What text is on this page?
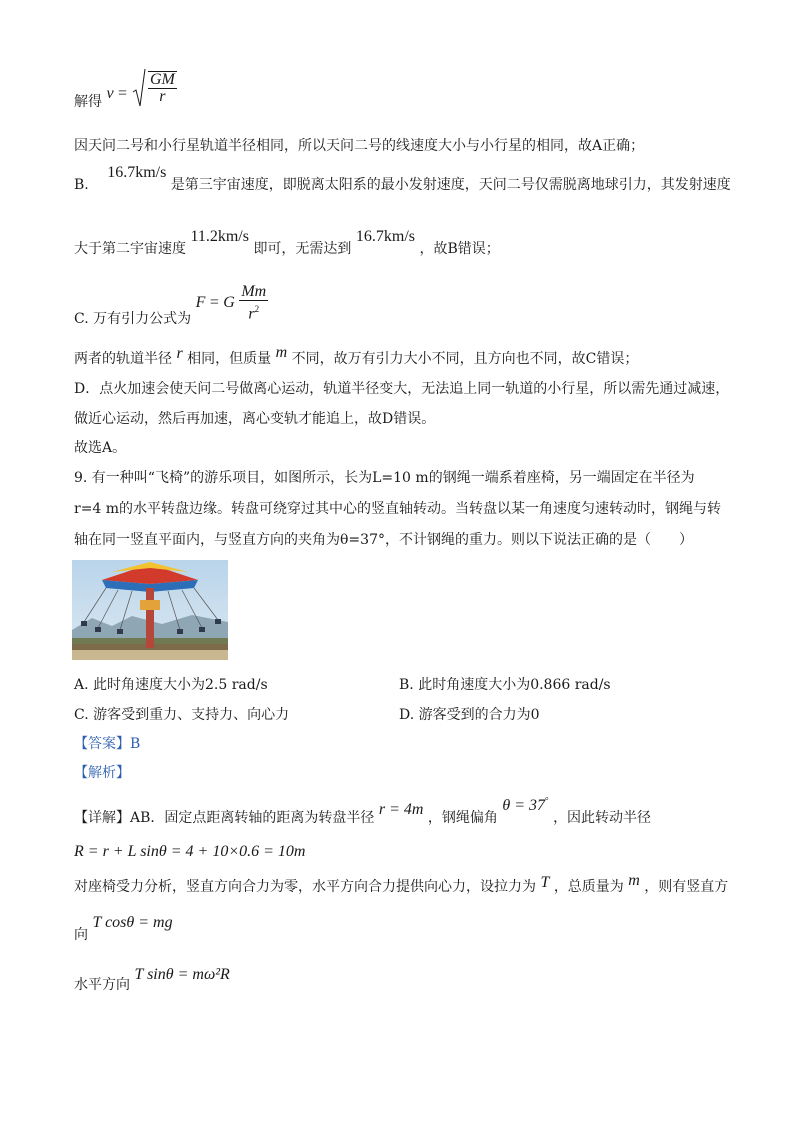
解得 $v = \frac{GM}{r}$
因天问二号和小行星轨道半径相同，所以天问二号的线速度大小与小行星的相同，故A正确；
B. 16.7km/s 是第三宇宙速度，即脱离太阳系的最小发射速度，天问二号仅需脱离地球引力，其发射速度
大于第二宇宙速度 11.2km/s 即可，无需达到 16.7km/s ，故B错误；
C. 万有引力公式为 F = G $\frac{Mm}{r^2}$
两者的轨道半径 r 相同，但质量 m 不同，故万有引力大小不同，且方向也不同，故C错误；
D．点火加速会使天问二号做离心运动，轨道半径变大，无法追上同一轨道的小行星，所以需先通过减速，
做近心运动，然后再加速，离心变轨才能追上，故D错误。
故选A。
9. 有一种叫“飞椅”的游乐项目，如图所示，长为L=10 m的钢绳一端系着座椅，另一端固定在半径为
r=4 m的水平转盘边缘。转盘可绕穿过其中心的竖直轴转动。当转盘以某一角速度匀速转动时，钢绳与转
轴在同一竖直平面内，与竖直方向的夹角为θ=37°，不计钢绳的重力。则以下说法正确的是（　　）
A. 此时角速度大小为2.5 rad/s	B. 此时角速度大小为0.866 rad/s
C. 游客受到重力、支持力、向心力	D. 游客受到的合力为0
【答案】B
【解析】
【详解】AB．固定点距离转轴的距离为转盘半径 r = 4m ，钢绳偏角 θ = 37° ，因此转动半径
R = r + L sinθ = 4 + 10×0.6 = 10m
对座椅受力分析，竖直方向合力为零，水平方向合力提供向心力，设拉力为 T ，总质量为 m ，则有竖直方
向 T cosθ = mg
水平方向 T sinθ = mω²R
